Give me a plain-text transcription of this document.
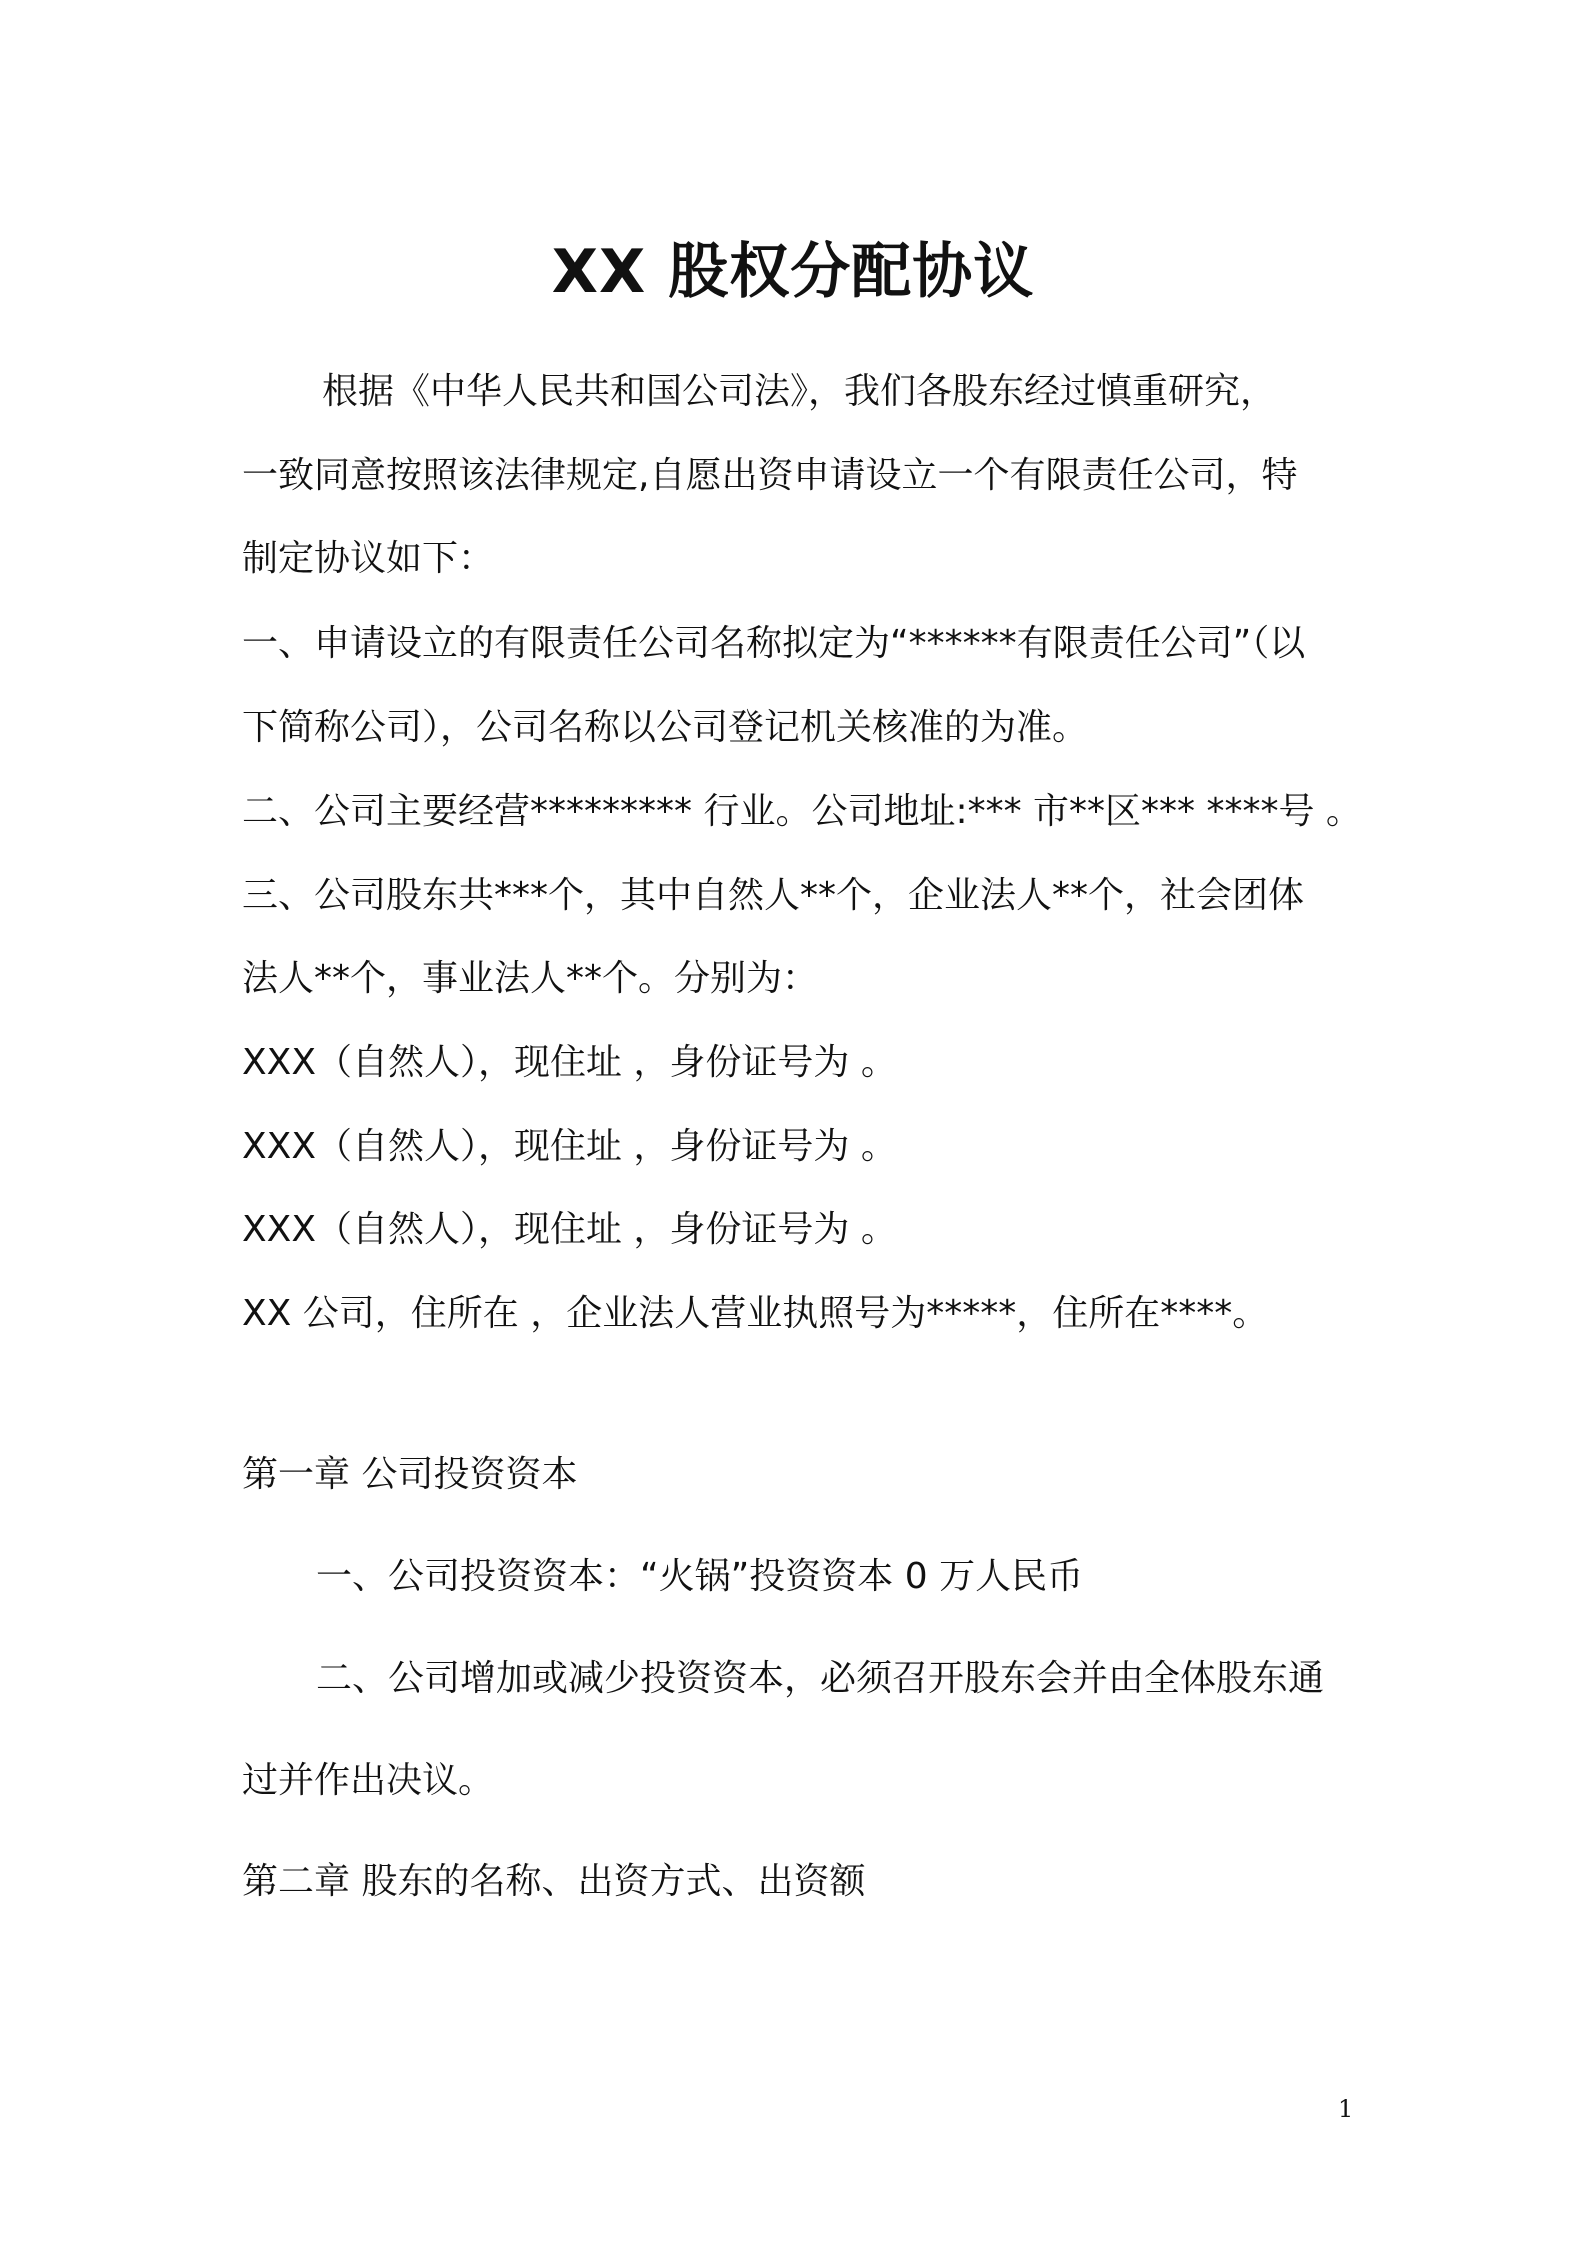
XX 股权分配协议
根据《中华人民共和国公司法》，我们各股东经过慎重研究，
一致同意按照该法律规定,自愿出资申请设立一个有限责任公司，特
制定协议如下：
一、申请设立的有限责任公司名称拟定为“******有限责任公司”（以
下简称公司），公司名称以公司登记机关核准的为准。
二、公司主要经营********* 行业。公司地址:*** 市**区*** ****号 。
三、公司股东共***个，其中自然人**个，企业法人**个，社会团体
法人**个，事业法人**个。分别为：
XXX（自然人），现住址 ，身份证号为 。
XXX（自然人），现住址 ，身份证号为 。
XXX（自然人），现住址 ，身份证号为 。
XX 公司，住所在 ，企业法人营业执照号为*****，住所在****。
第一章 公司投资资本
一、公司投资资本：“火锅”投资资本 0 万人民币
二、公司增加或减少投资资本，必须召开股东会并由全体股东通
过并作出决议。
第二章 股东的名称、出资方式、出资额
1
